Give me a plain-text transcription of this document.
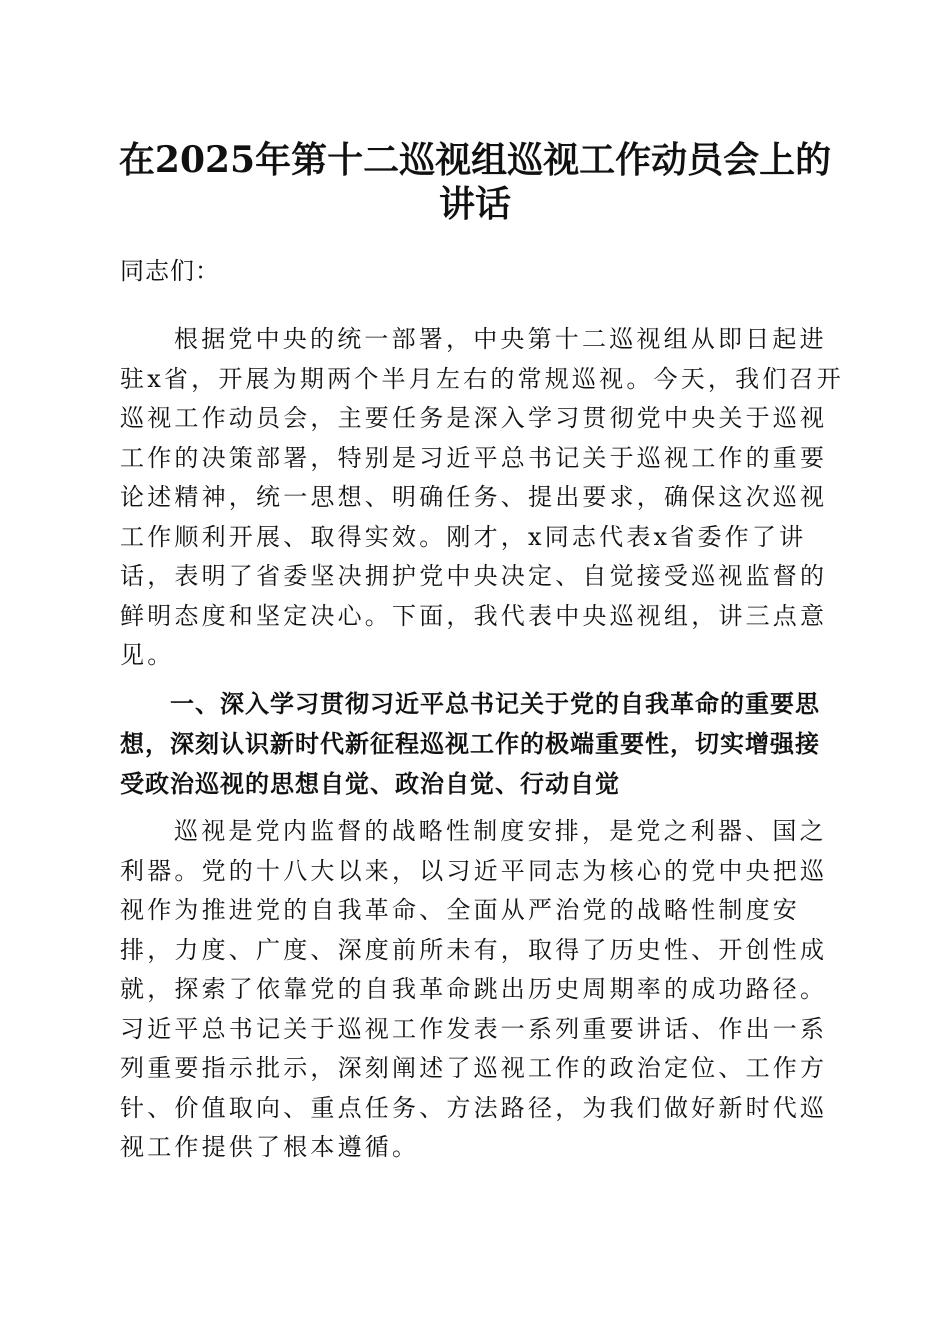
在2025年第十二巡视组巡视工作动员会上的
讲话

同志们：

根据党中央的统一部署，中央第十二巡视组从即日起进驻x省，开展为期两个半月左右的常规巡视。今天，我们召开巡视工作动员会，主要任务是深入学习贯彻党中央关于巡视工作的决策部署，特别是习近平总书记关于巡视工作的重要论述精神，统一思想、明确任务、提出要求，确保这次巡视工作顺利开展、取得实效。刚才，x同志代表x省委作了讲话，表明了省委坚决拥护党中央决定、自觉接受巡视监督的鲜明态度和坚定决心。下面，我代表中央巡视组，讲三点意见。

一、深入学习贯彻习近平总书记关于党的自我革命的重要思想，深刻认识新时代新征程巡视工作的极端重要性，切实增强接受政治巡视的思想自觉、政治自觉、行动自觉

巡视是党内监督的战略性制度安排，是党之利器、国之利器。党的十八大以来，以习近平同志为核心的党中央把巡视作为推进党的自我革命、全面从严治党的战略性制度安排，力度、广度、深度前所未有，取得了历史性、开创性成就，探索了依靠党的自我革命跳出历史周期率的成功路径。习近平总书记关于巡视工作发表一系列重要讲话、作出一系列重要指示批示，深刻阐述了巡视工作的政治定位、工作方针、价值取向、重点任务、方法路径，为我们做好新时代巡视工作提供了根本遵循。
